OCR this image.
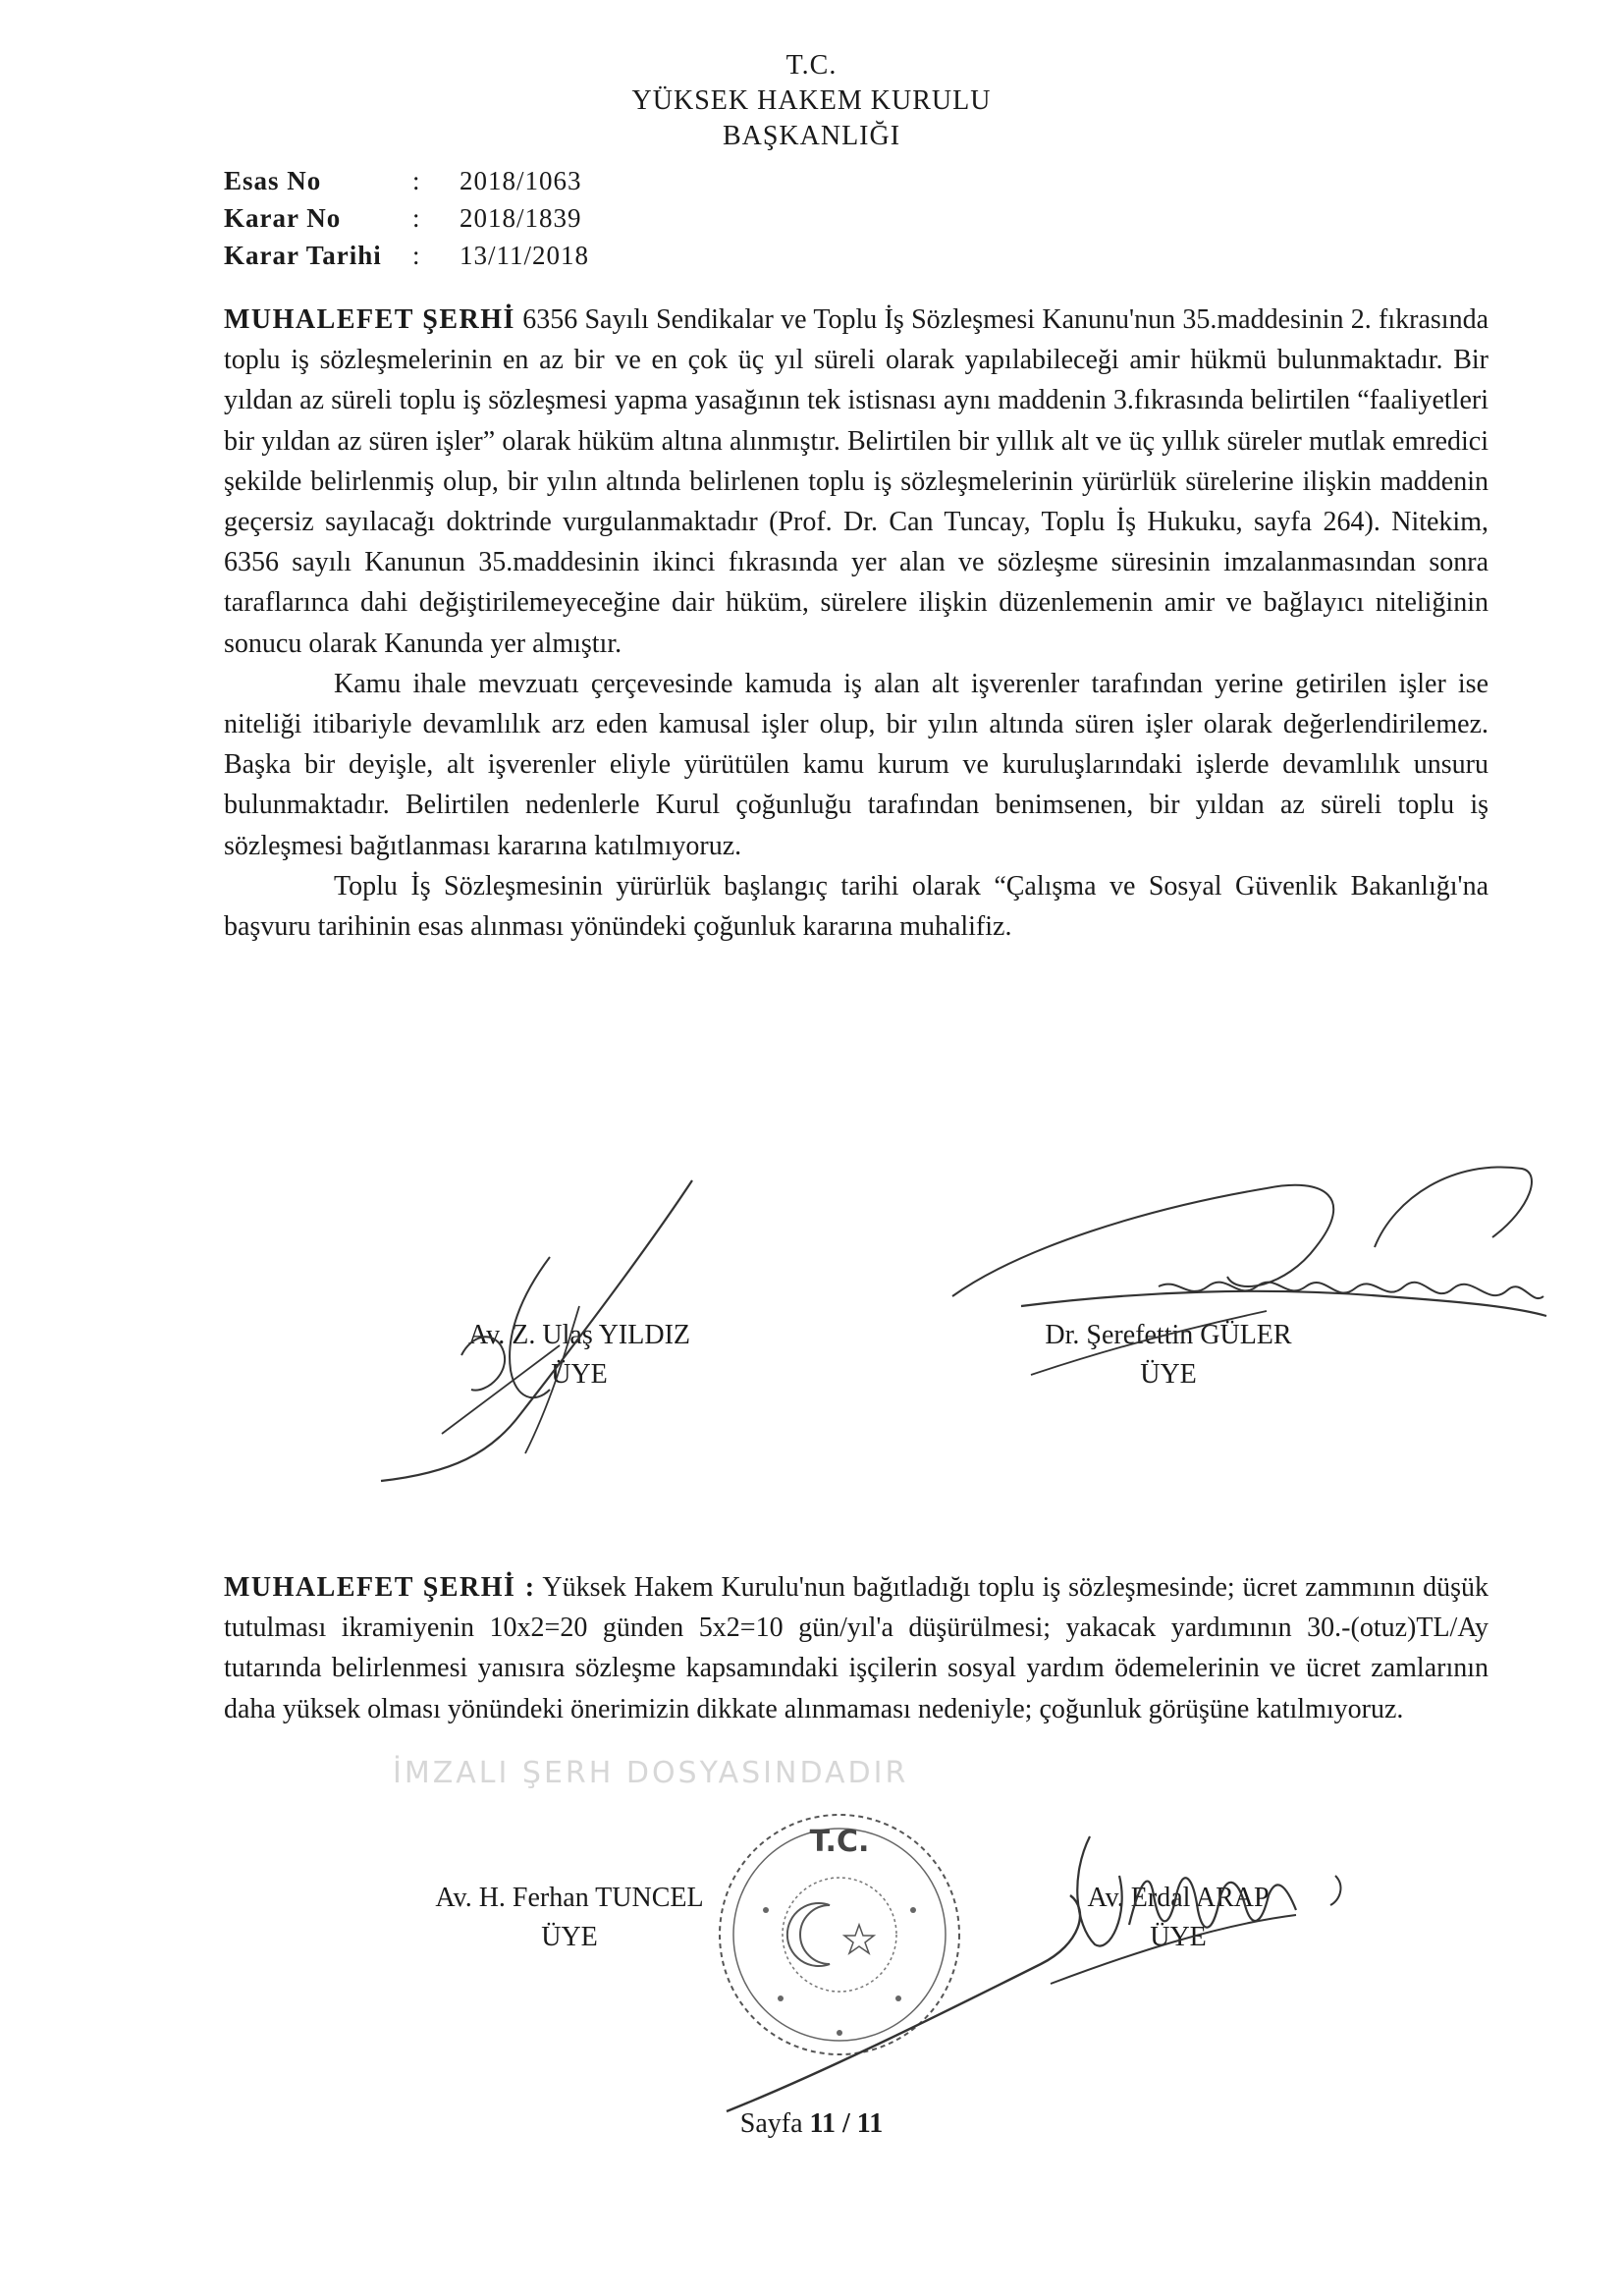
T.C.
YÜKSEK HAKEM KURULU
BAŞKANLIĞI
Esas No	:	2018/1063
Karar No	:	2018/1839
Karar Tarihi	:	13/11/2018

MUHALEFET ŞERHİ 6356 Sayılı Sendikalar ve Toplu İş Sözleşmesi Kanunu'nun 35.maddesinin 2. fıkrasında toplu iş sözleşmelerinin en az bir ve en çok üç yıl süreli olarak yapılabileceği amir hükmü bulunmaktadır. Bir yıldan az süreli toplu iş sözleşmesi yapma yasağının tek istisnası aynı maddenin 3.fıkrasında belirtilen “faaliyetleri bir yıldan az süren işler” olarak hüküm altına alınmıştır. Belirtilen bir yıllık alt ve üç yıllık süreler mutlak emredici şekilde belirlenmiş olup, bir yılın altında belirlenen toplu iş sözleşmelerinin yürürlük sürelerine ilişkin maddenin geçersiz sayılacağı doktrinde vurgulanmaktadır (Prof. Dr. Can Tuncay, Toplu İş Hukuku, sayfa 264). Nitekim, 6356 sayılı Kanunun 35.maddesinin ikinci fıkrasında yer alan ve sözleşme süresinin imzalanmasından sonra taraflarınca dahi değiştirilemeyeceğine dair hüküm, sürelere ilişkin düzenlemenin amir ve bağlayıcı niteliğinin sonucu olarak Kanunda yer almıştır.

Kamu ihale mevzuatı çerçevesinde kamuda iş alan alt işverenler tarafından yerine getirilen işler ise niteliği itibariyle devamlılık arz eden kamusal işler olup, bir yılın altında süren işler olarak değerlendirilemez. Başka bir deyişle, alt işverenler eliyle yürütülen kamu kurum ve kuruluşlarındaki işlerde devamlılık unsuru bulunmaktadır. Belirtilen nedenlerle Kurul çoğunluğu tarafından benimsenen, bir yıldan az süreli toplu iş sözleşmesi bağıtlanması kararına katılmıyoruz.

Toplu İş Sözleşmesinin yürürlük başlangıç tarihi olarak “Çalışma ve Sosyal Güvenlik Bakanlığı'na başvuru tarihinin esas alınması yönündeki çoğunluk kararına muhalifiz.

Av. Z. Ulaş YILDIZ
ÜYE
Dr. Şerefettin GÜLER
ÜYE

MUHALEFET ŞERHİ : Yüksek Hakem Kurulu'nun bağıtladığı toplu iş sözleşmesinde; ücret zammının düşük tutulması ikramiyenin 10x2=20 günden 5x2=10 gün/yıl'a düşürülmesi; yakacak yardımının 30.-(otuz)TL/Ay tutarında belirlenmesi yanısıra sözleşme kapsamındaki işçilerin sosyal yardım ödemelerinin ve ücret zamlarının daha yüksek olması yönündeki önerimizin dikkate alınmaması nedeniyle; çoğunluk görüşüne katılmıyoruz.

İMZALI ŞERH DOSYASINDADIR
Av. H. Ferhan TUNCEL
ÜYE
Av. Erdal ARAP
ÜYE
T.C.
Sayfa 11 / 11
